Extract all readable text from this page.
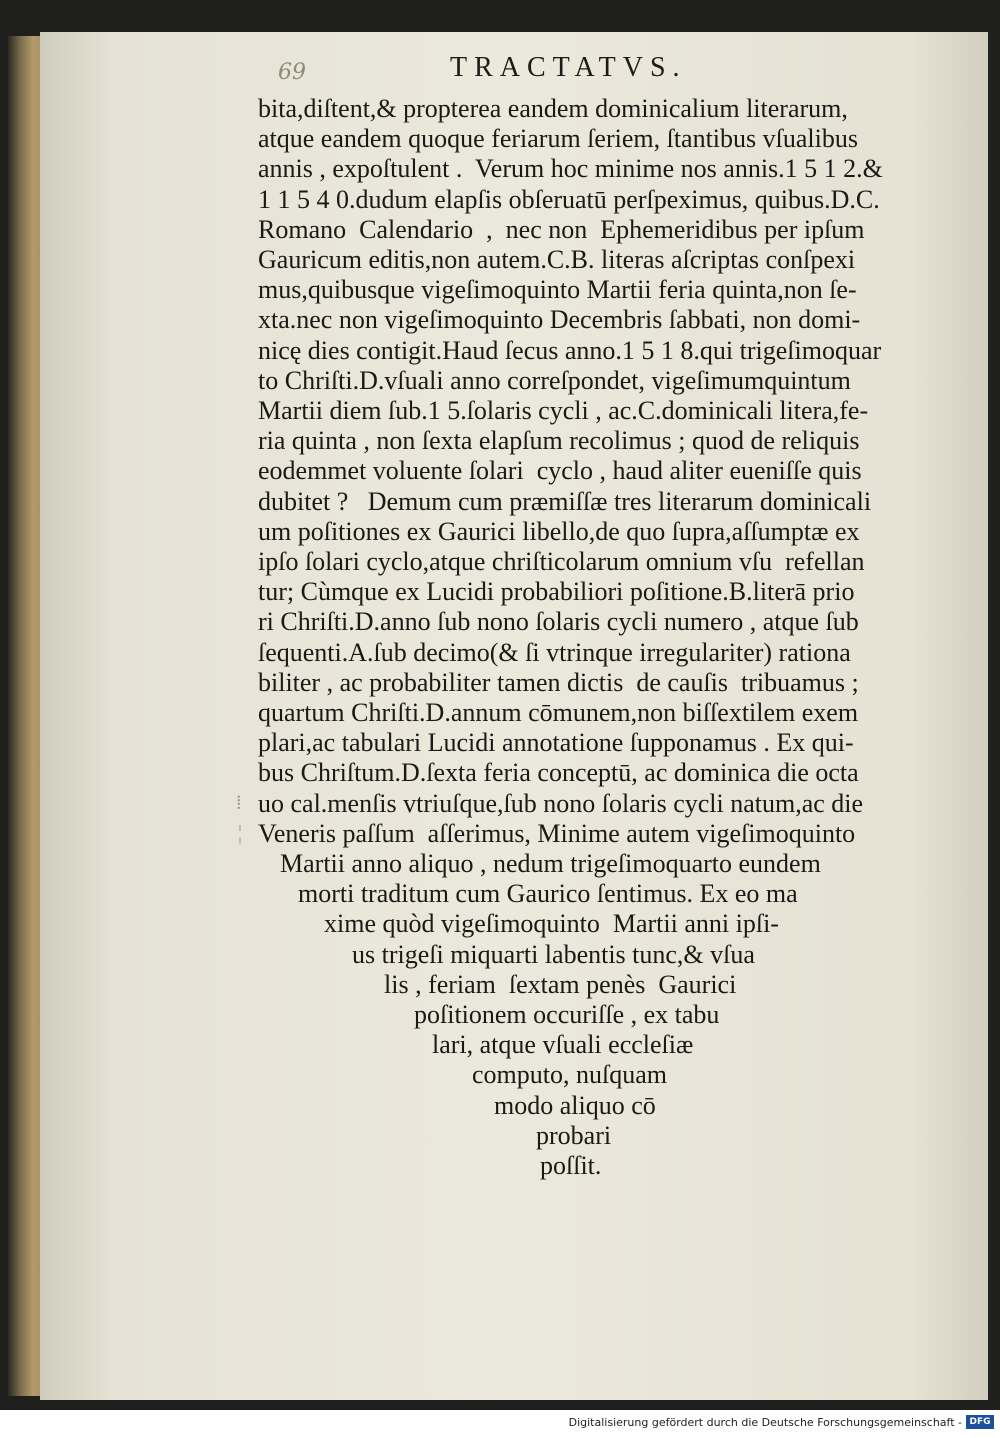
69	TRACTATVS.
⁞
¦
bita,diſtent,& propterea eandem dominicalium literarum,
atque eandem quoque feriarum ſeriem, ſtantibus vſualibus
annis , expoſtulent .  Verum hoc minime nos annis.1 5 1 2.&
1 1 5 4 0.dudum elapſis obſeruatū perſpeximus, quibus.D.C.
Romano  Calendario  ,  nec non  Ephemeridibus per ipſum
Gauricum editis,non autem.C.B. literas aſcriptas conſpexi
mus,quibusque vigeſimoquinto Martii feria quinta,non ſe-
xta.nec non vigeſimoquinto Decembris ſabbati, non domi-
nicę dies contigit.Haud ſecus anno.1 5 1 8.qui trigeſimoquar
to Chriſti.D.vſuali anno correſpondet, vigeſimumquintum
Martii diem ſub.1 5.ſolaris cycli , ac.C.dominicali litera,fe-
ria quinta , non ſexta elapſum recolimus ; quod de reliquis
eodemmet voluente ſolari  cyclo , haud aliter eueniſſe quis
dubitet ?   Demum cum præmiſſæ tres literarum dominicali
um poſitiones ex Gaurici libello,de quo ſupra,aſſumptæ ex
ipſo ſolari cyclo,atque chriſticolarum omnium vſu  refellan
tur; Cùmque ex Lucidi probabiliori poſitione.B.literā prio
ri Chriſti.D.anno ſub nono ſolaris cycli numero , atque ſub
ſequenti.A.ſub decimo(& ſi vtrinque irregulariter) rationa
biliter , ac probabiliter tamen dictis  de cauſis  tribuamus ;
quartum Chriſti.D.annum cōmunem,non biſſextilem exem
plari,ac tabulari Lucidi annotatione ſupponamus . Ex qui-
bus Chriſtum.D.ſexta feria conceptū, ac dominica die octa
uo cal.menſis vtriuſque,ſub nono ſolaris cycli natum,ac die
Veneris paſſum  aſſerimus, Minime autem vigeſimoquinto
Martii anno aliquo , nedum trigeſimoquarto eundem
morti traditum cum Gaurico ſentimus. Ex eo ma
xime quòd vigeſimoquinto  Martii anni ipſi-
us trigeſi miquarti labentis tunc,& vſua
lis , feriam  ſextam penès  Gaurici
poſitionem occuriſſe , ex tabu
lari, atque vſuali eccleſiæ
computo, nuſquam
modo aliquo cō
probari
poſſit.
Digitalisierung gefördert durch die Deutsche Forschungsgemeinschaft - DFG
